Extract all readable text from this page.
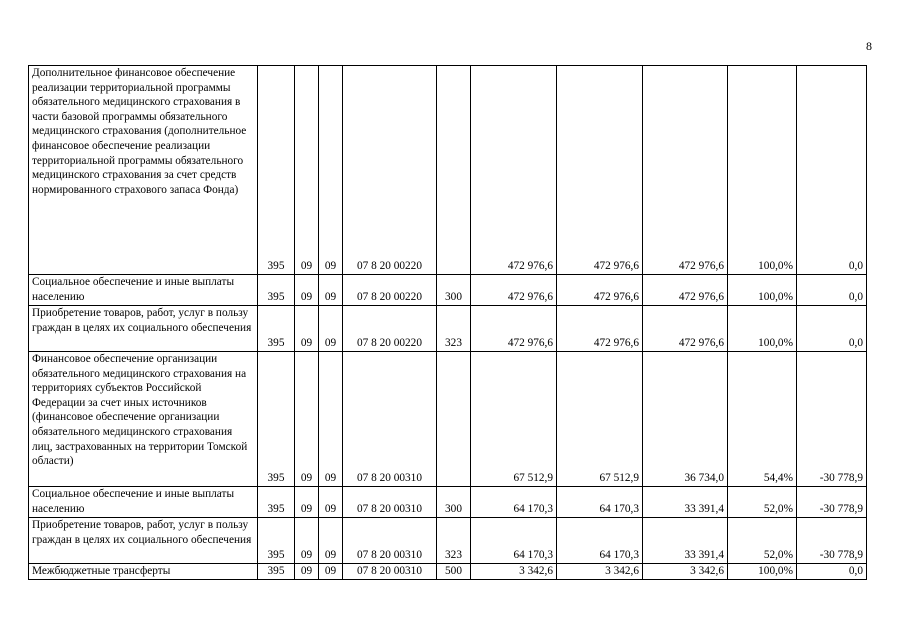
8
Дополнительное финансовое обеспечение реализации территориальной программы обязательного медицинского страхования в части базовой программы обязательного медицинского страхования (дополнительное финансовое обеспечение реализации территориальной программы обязательного медицинского страхования за счет средств нормированного страхового запаса Фонда)	395	09	09	07 8 20 00220		472 976,6	472 976,6	472 976,6	100,0%	0,0
Социальное обеспечение и иные выплаты населению	395	09	09	07 8 20 00220	300	472 976,6	472 976,6	472 976,6	100,0%	0,0
Приобретение товаров, работ, услуг в пользу граждан в целях их социального обеспечения	395	09	09	07 8 20 00220	323	472 976,6	472 976,6	472 976,6	100,0%	0,0
Финансовое обеспечение организации обязательного медицинского страхования на территориях субъектов Российской Федерации за счет иных источников (финансовое обеспечение организации обязательного медицинского страхования лиц, застрахованных на территории Томской области)	395	09	09	07 8 20 00310		67 512,9	67 512,9	36 734,0	54,4%	-30 778,9
Социальное обеспечение и иные выплаты населению	395	09	09	07 8 20 00310	300	64 170,3	64 170,3	33 391,4	52,0%	-30 778,9
Приобретение товаров, работ, услуг в пользу граждан в целях их социального обеспечения	395	09	09	07 8 20 00310	323	64 170,3	64 170,3	33 391,4	52,0%	-30 778,9
Межбюджетные трансферты	395	09	09	07 8 20 00310	500	3 342,6	3 342,6	3 342,6	100,0%	0,0
